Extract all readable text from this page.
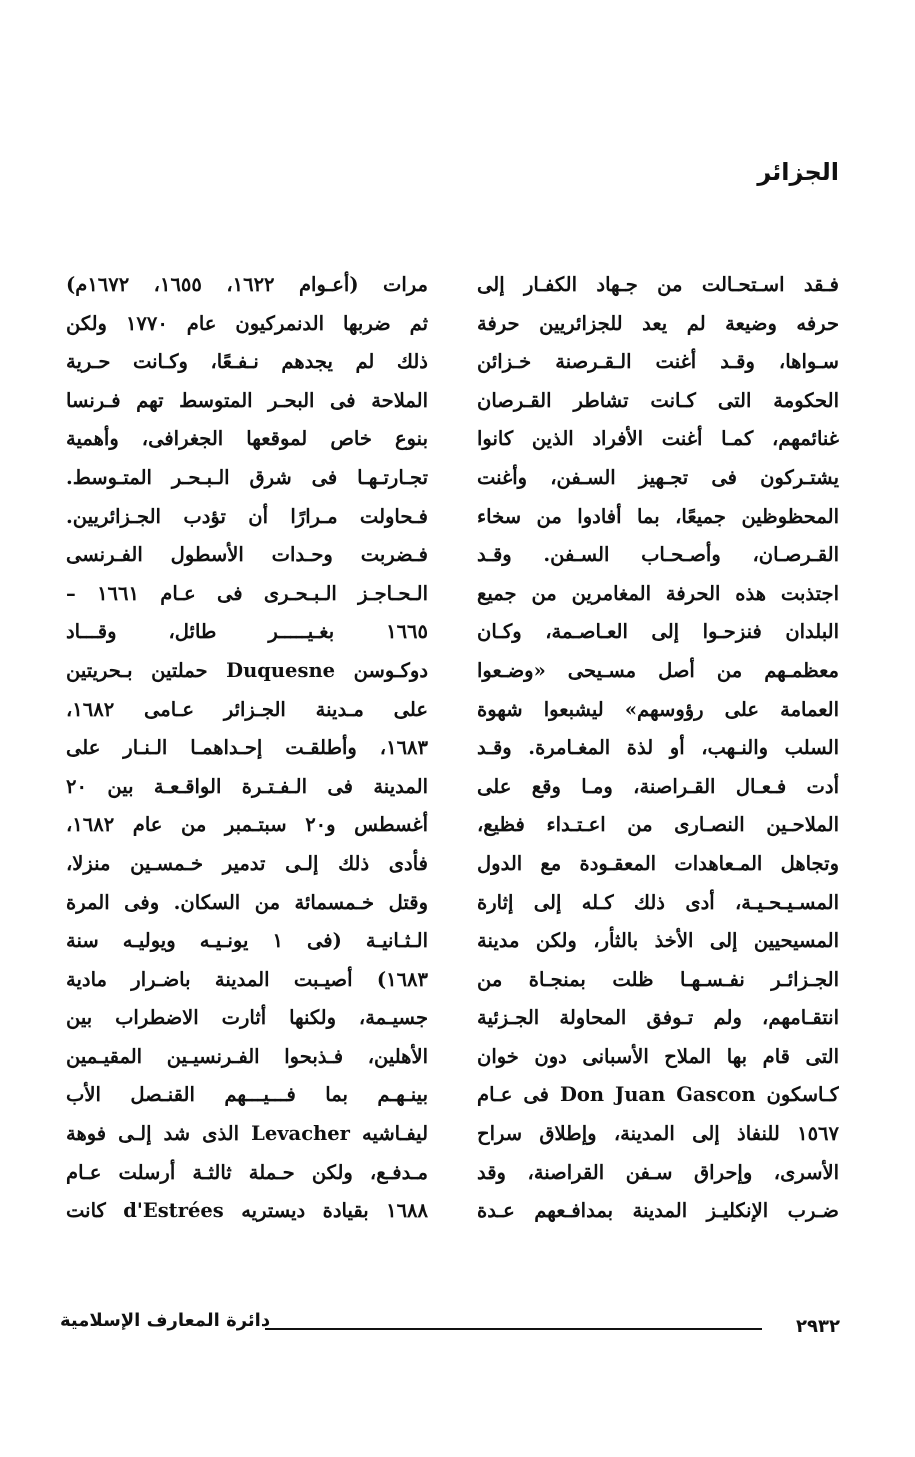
الجزائر
فـقد اسـتحـالت من جـهاد الكفـار إلى
حرفه وضيعة لم يعد للجزائريين حرفة
سـواها، وقـد أغنت الـقـرصنة خـزائن
الحكومة التى كـانت تشاطر القـرصان
غنائمهم، كمـا أغنت الأفراد الذين كانوا
يشتـركون فى تجـهيز السـفن، وأغنت
المحظوظين جميعًا، بما أفادوا من سخاء
القـرصـان، وأصـحـاب السـفن. وقـد
اجتذبت هذه الحرفة المغامرين من جميع
البلدان فنزحـوا إلى العـاصـمة، وكـان
معظمـهم من أصل مسـيحى «وضـعوا
العمامة على رؤوسهم» ليشبعوا شهوة
السلب والنـهب، أو لذة المغـامرة. وقـد
أدت فـعـال القـراصنة، ومـا وقع على
الملاحـين النصـارى من اعـتـداء فظيع،
وتجاهل المـعاهدات المعقـودة مع الدول
المسـيـحـيـة، أدى ذلك كـله إلى إثارة
المسيحيين إلى الأخذ بالثأر، ولكن مدينة
الجـزائـر نفـسـهـا ظلت بمنجـاة من
انتقـامهم، ولم تـوفق المحاولة الجـزئية
التى قام بها الملاح الأسبانى دون خوان
كـاسكون Don Juan Gascon فى عـام
١٥٦٧ للنفاذ إلى المدينة، وإطلاق سراح
الأسرى، وإحراق سـفن القراصنة، وقد
ضـرب الإنكليـز المدينة بمدافـعهم عـدة
مرات (أعـوام ١٦٢٢، ١٦٥٥، ١٦٧٢م)
ثم ضربها الدنمركيون عام ١٧٧٠ ولكن
ذلك لم يجدهم نـفـعًا، وكـانت حـرية
الملاحة فى البحـر المتوسط تهم فـرنسا
بنوع خاص لموقعها الجغرافى، وأهمية
تجـارتـهـا فى شرق الـبـحـر المتـوسط.
فـحاولت مـرارًا أن تؤدب الجـزائريين.
فـضربت وحـدات الأسطول الفـرنسى
الـحـاجـز الـبـحـرى فى عـام ١٦٦١ –
١٦٦٥ بغـيـــــر طائل، وقـــاد
دوكـوسن Duquesne حملتين بـحريتين
على مـدينة الجـزائر عـامى ١٦٨٢،
١٦٨٣، وأطلقـت إحـداهمـا الـنـار على
المدينة فى الـفـتـرة الواقـعـة بين ٢٠
أغسطس و٢٠ سبتـمبر من عام ١٦٨٢،
فأدى ذلك إلـى تدمير خـمسـين منزلا،
وقتل خـمسمائة من السكان. وفى المرة
الـثـانيـة (فى ١ يونـيـه ويوليـه سنة
١٦٨٣) أصيـبت المدينة باضـرار مادية
جسيـمة، ولكنها أثارت الاضطراب بين
الأهلين، فـذبحوا الفـرنسيـين المقيـمين
بينـهـم بما فـــيـــهم القنـصل الأب
ليفـاشيه Levacher الذى شد إلـى فوهة
مـدفـع، ولكن حـملة ثالثـة أرسلت عـام
١٦٨٨ بقيادة ديستريه d'Estrées كانت
٢٩٣٢
دائرة المعارف الإسلامية
